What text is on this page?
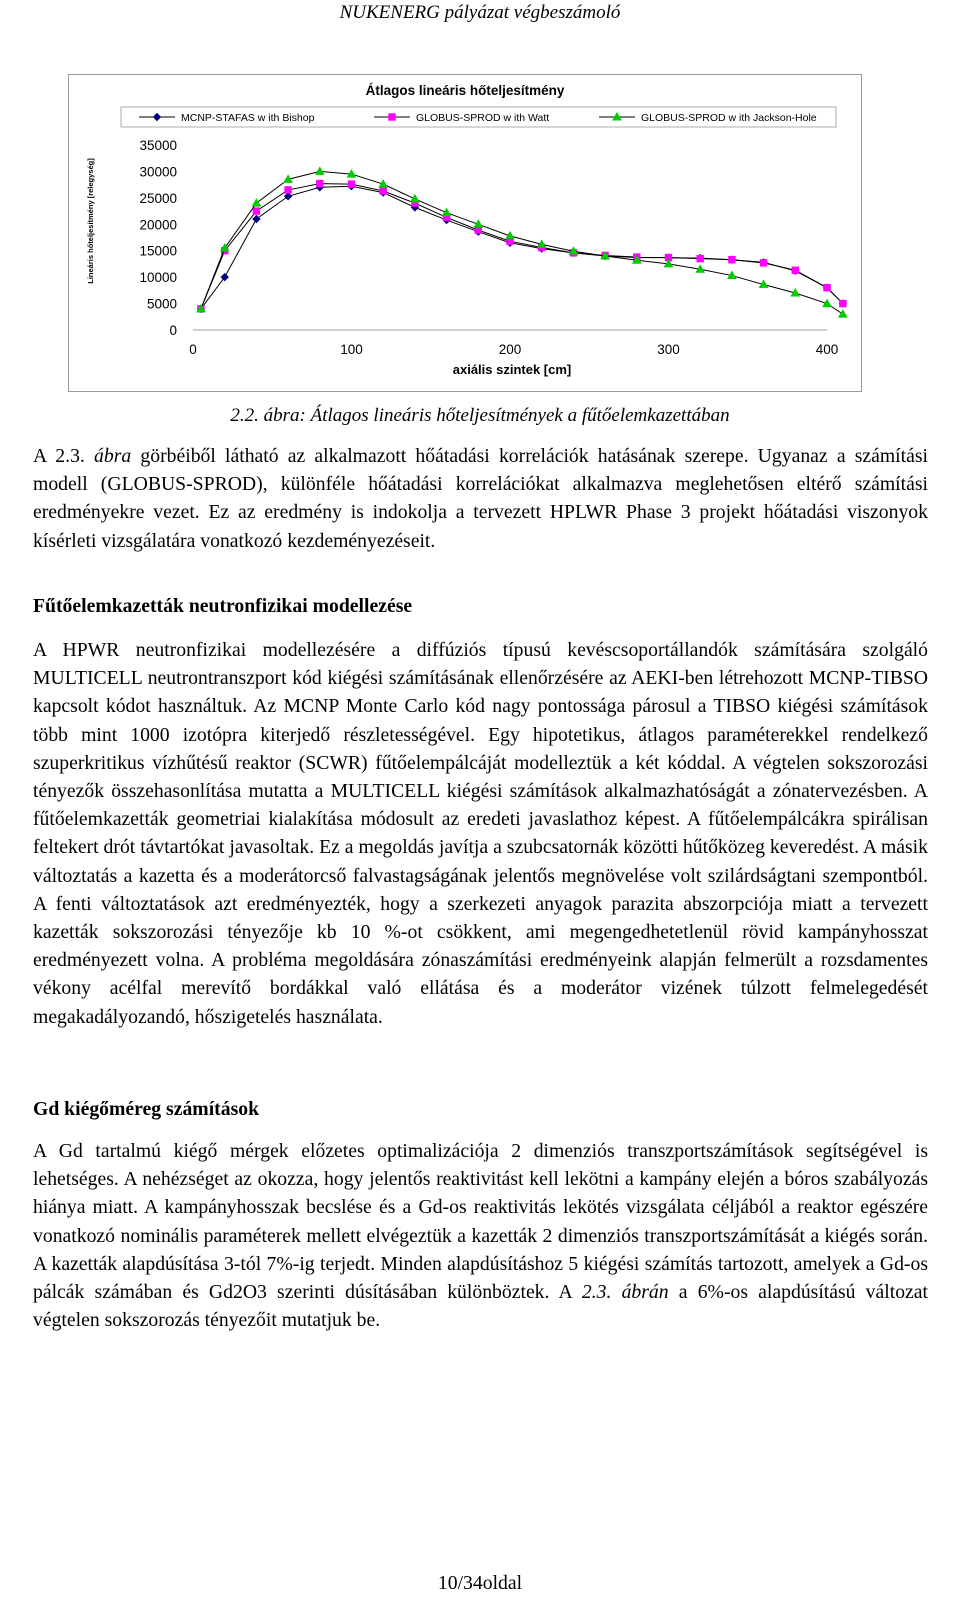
NUKENERG pályázat végbeszámoló
Átlagos lineáris hőteljesítmény
MCNP-STAFAS w ith Bishop	GLOBUS-SPROD w ith Watt	GLOBUS-SPROD w ith Jackson-Hole
Lineáris hőteljesítmény [relegység]
35000
30000
25000
20000
15000
10000
5000
0
0	100	200	300	400
axiális szintek [cm]
2.2. ábra: Átlagos lineáris hőteljesítmények a fűtőelemkazettában

A 2.3. ábra görbéiből látható az alkalmazott hőátadási korrelációk hatásának szerepe. Ugyanaz a számítási modell (GLOBUS-SPROD), különféle hőátadási korrelációkat alkalmazva meglehetősen eltérő számítási eredményekre vezet. Ez az eredmény is indokolja a tervezett HPLWR Phase 3 projekt hőátadási viszonyok kísérleti vizsgálatára vonatkozó kezdeményezéseit.

Fűtőelemkazetták neutronfizikai modellezése

A HPWR neutronfizikai modellezésére a diffúziós típusú kevéscsoportállandók számítására szolgáló MULTICELL neutrontranszport kód kiégési számításának ellenőrzésére az AEKI-ben létrehozott MCNP-TIBSO kapcsolt kódot használtuk. Az MCNP Monte Carlo kód nagy pontossága párosul a TIBSO kiégési számítások több mint 1000 izotópra kiterjedő részletességével. Egy hipotetikus, átlagos paraméterekkel rendelkező szuperkritikus vízhűtésű reaktor (SCWR) fűtőelempálcáját modelleztük a két kóddal. A végtelen sokszorozási tényezők összehasonlítása mutatta a MULTICELL kiégési számítások alkalmazhatóságát a zónatervezésben. A fűtőelemkazetták geometriai kialakítása módosult az eredeti javaslathoz képest. A fűtőelempálcákra spirálisan feltekert drót távtartókat javasoltak. Ez a megoldás javítja a szubcsatornák közötti hűtőközeg keveredést. A másik változtatás a kazetta és a moderátorcső falvastagságának jelentős megnövelése volt szilárdságtani szempontból. A fenti változtatások azt eredményezték, hogy a szerkezeti anyagok parazita abszorpciója miatt a tervezett kazetták sokszorozási tényezője kb 10 %-ot csökkent, ami megengedhetetlenül rövid kampányhosszat eredményezett volna. A probléma megoldására zónaszámítási eredményeink alapján felmerült a rozsdamentes vékony acélfal merevítő bordákkal való ellátása és a moderátor vizének túlzott felmelegedését megakadályozandó, hőszigetelés használata.

Gd kiégőméreg számítások

A Gd tartalmú kiégő mérgek előzetes optimalizációja 2 dimenziós transzportszámítások segítségével is lehetséges. A nehézséget az okozza, hogy jelentős reaktivitást kell lekötni a kampány elején a bóros szabályozás hiánya miatt. A kampányhosszak becslése és a Gd-os reaktivitás lekötés vizsgálata céljából a reaktor egészére vonatkozó nominális paraméterek mellett elvégeztük a kazetták 2 dimenziós transzportszámítását a kiégés során. A kazetták alapdúsítása 3-tól 7%-ig terjedt. Minden alapdúsításhoz 5 kiégési számítás tartozott, amelyek a Gd-os pálcák számában és Gd2O3 szerinti dúsításában különböztek. A 2.3. ábrán a 6%-os alapdúsítású változat végtelen sokszorozás tényezőit mutatjuk be.

10/34oldal
